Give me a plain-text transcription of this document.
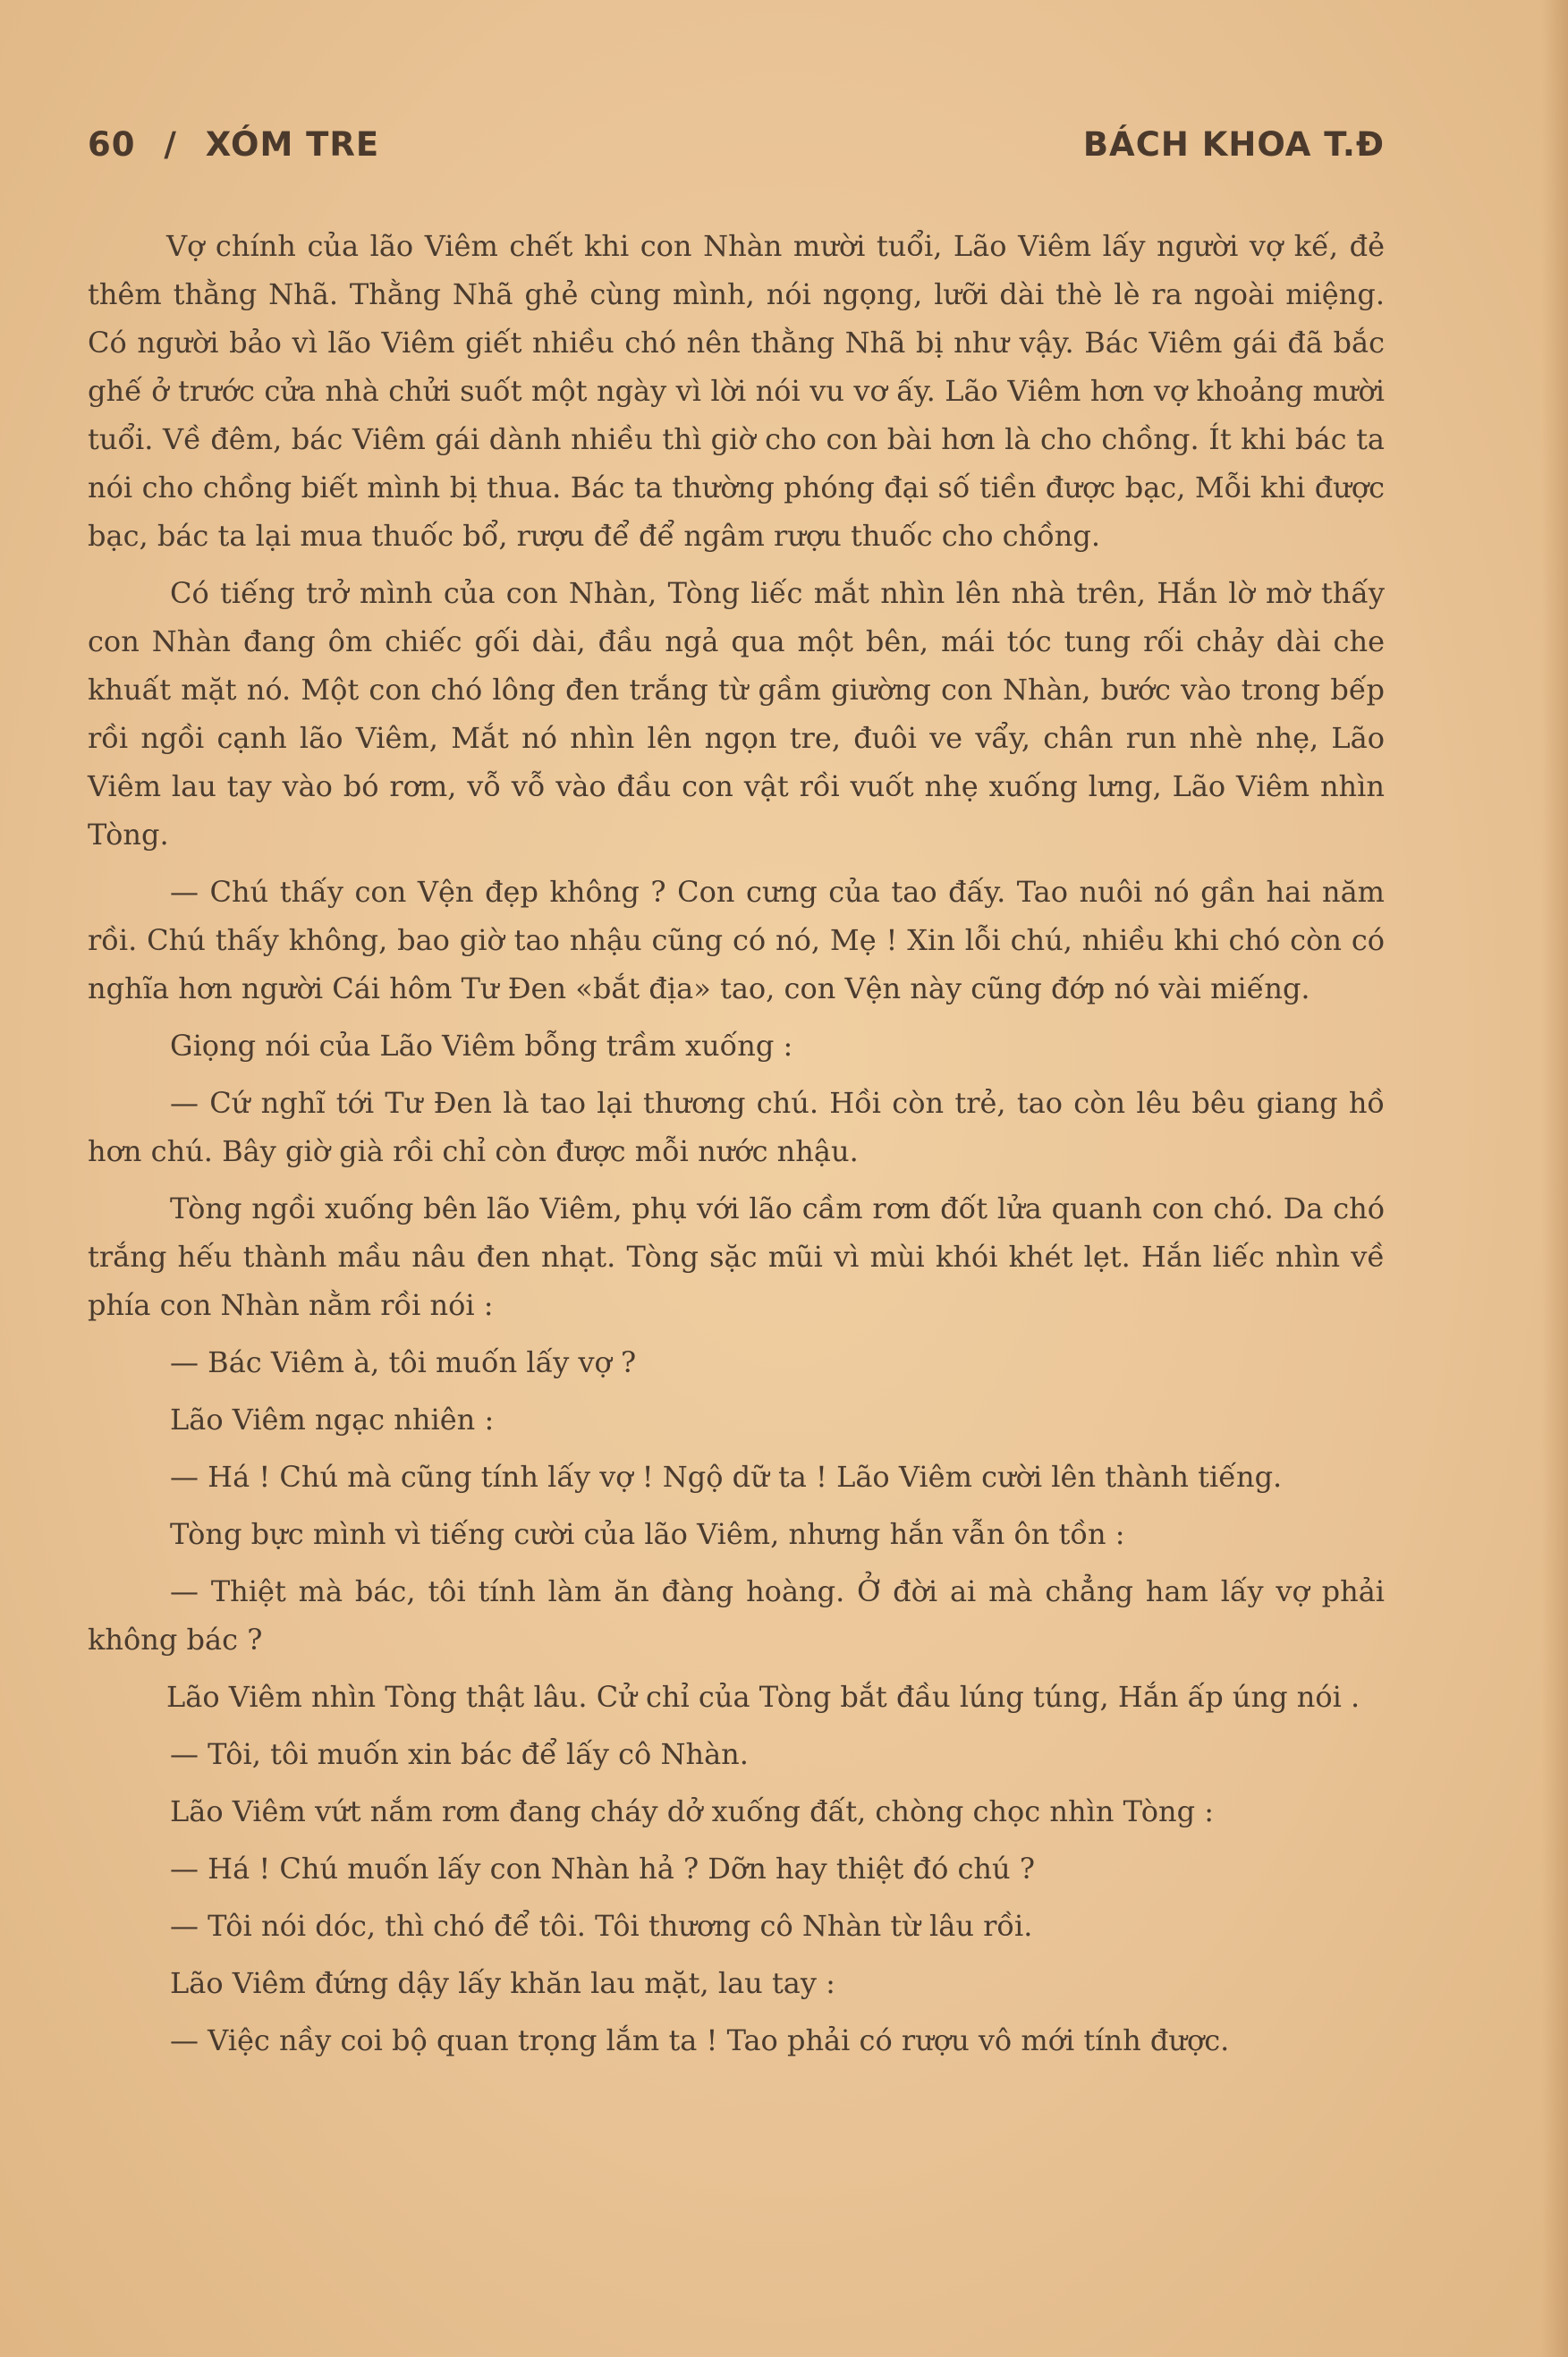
60 / XÓM TRE	BÁCH KHOA T.Đ

Vợ chính của lão Viêm chết khi con Nhàn mười tuổi, Lão Viêm lấy người vợ kế, đẻ thêm thằng Nhã. Thằng Nhã ghẻ cùng mình, nói ngọng, lưỡi dài thè lè ra ngoài miệng. Có người bảo vì lão Viêm giết nhiều chó nên thằng Nhã bị như vậy. Bác Viêm gái đã bắc ghế ở trước cửa nhà chửi suốt một ngày vì lời nói vu vơ ấy. Lão Viêm hơn vợ khoảng mười tuổi. Về đêm, bác Viêm gái dành nhiều thì giờ cho con bài hơn là cho chồng. Ít khi bác ta nói cho chồng biết mình bị thua. Bác ta thường phóng đại số tiền được bạc, Mỗi khi được bạc, bác ta lại mua thuốc bổ, rượu để để ngâm rượu thuốc cho chồng.

Có tiếng trở mình của con Nhàn, Tòng liếc mắt nhìn lên nhà trên, Hắn lờ mờ thấy con Nhàn đang ôm chiếc gối dài, đầu ngả qua một bên, mái tóc tung rối chảy dài che khuất mặt nó. Một con chó lông đen trắng từ gầm giường con Nhàn, bước vào trong bếp rồi ngồi cạnh lão Viêm, Mắt nó nhìn lên ngọn tre, đuôi ve vẩy, chân run nhè nhẹ, Lão Viêm lau tay vào bó rơm, vỗ vỗ vào đầu con vật rồi vuốt nhẹ xuống lưng, Lão Viêm nhìn Tòng.

— Chú thấy con Vện đẹp không ? Con cưng của tao đấy. Tao nuôi nó gần hai năm rồi. Chú thấy không, bao giờ tao nhậu cũng có nó, Mẹ ! Xin lỗi chú, nhiều khi chó còn có nghĩa hơn người Cái hôm Tư Đen «bắt địa» tao, con Vện này cũng đớp nó vài miếng.

Giọng nói của Lão Viêm bỗng trầm xuống :

— Cứ nghĩ tới Tư Đen là tao lại thương chú. Hồi còn trẻ, tao còn lêu bêu giang hồ hơn chú. Bây giờ già rồi chỉ còn được mỗi nước nhậu.

Tòng ngồi xuống bên lão Viêm, phụ với lão cầm rơm đốt lửa quanh con chó. Da chó trắng hếu thành mầu nâu đen nhạt. Tòng sặc mũi vì mùi khói khét lẹt. Hắn liếc nhìn về phía con Nhàn nằm rồi nói :

— Bác Viêm à, tôi muốn lấy vợ ?

Lão Viêm ngạc nhiên :

— Há ! Chú mà cũng tính lấy vợ ! Ngộ dữ ta ! Lão Viêm cười lên thành tiếng.

Tòng bực mình vì tiếng cười của lão Viêm, nhưng hắn vẫn ôn tồn :

— Thiệt mà bác, tôi tính làm ăn đàng hoàng. Ở đời ai mà chẳng ham lấy vợ phải không bác ?

Lão Viêm nhìn Tòng thật lâu. Cử chỉ của Tòng bắt đầu lúng túng, Hắn ấp úng nói .

— Tôi, tôi muốn xin bác để lấy cô Nhàn.

Lão Viêm vứt nắm rơm đang cháy dở xuống đất, chòng chọc nhìn Tòng :

— Há ! Chú muốn lấy con Nhàn hả ? Dỡn hay thiệt đó chú ?

— Tôi nói dóc, thì chó để tôi. Tôi thương cô Nhàn từ lâu rồi.

Lão Viêm đứng dậy lấy khăn lau mặt, lau tay :

— Việc nầy coi bộ quan trọng lắm ta ! Tao phải có rượu vô mới tính được.
